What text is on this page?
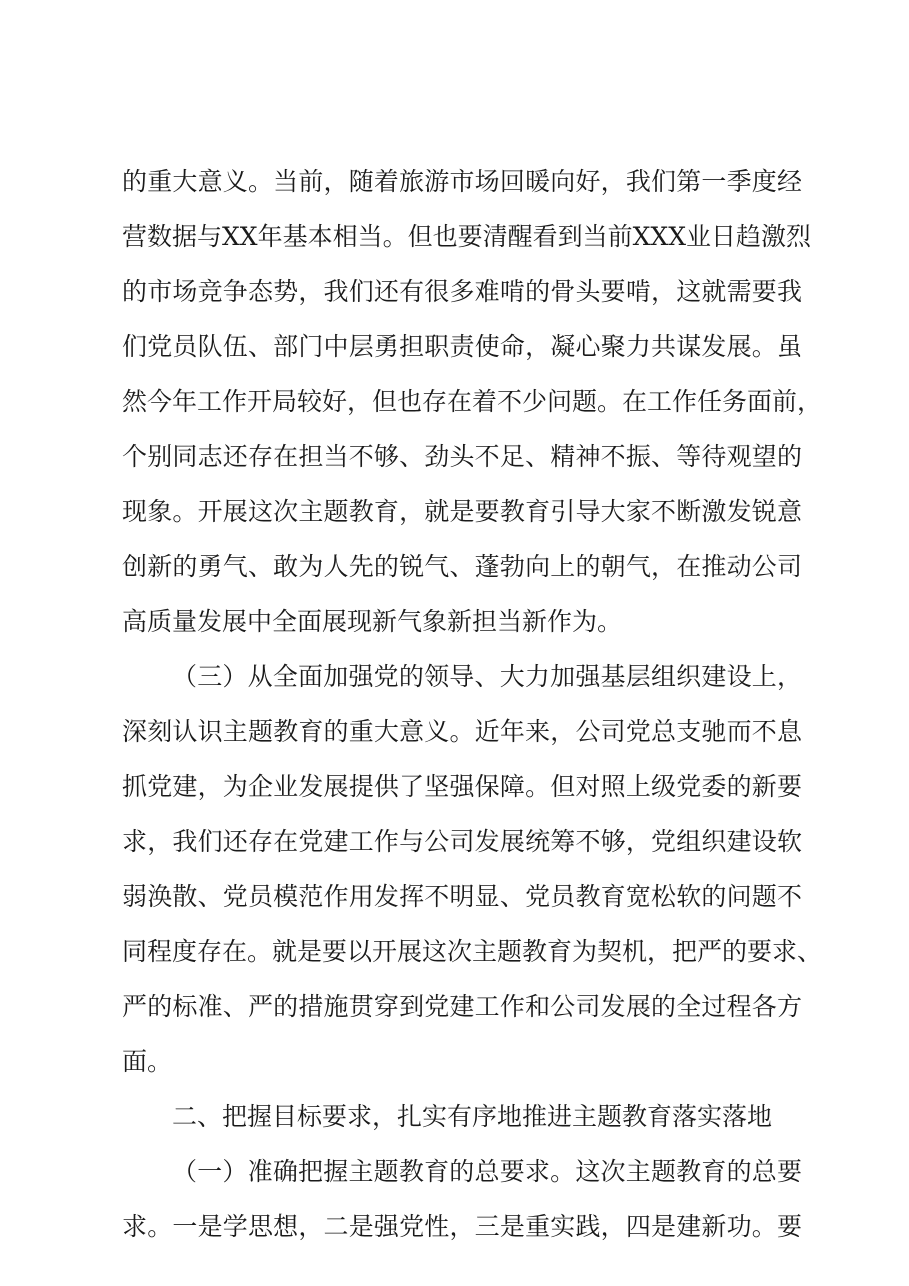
的重大意义。当前，随着旅游市场回暖向好，我们第一季度经
营数据与XX年基本相当。但也要清醒看到当前XXX业日趋激烈
的市场竞争态势，我们还有很多难啃的骨头要啃，这就需要我
们党员队伍、部门中层勇担职责使命，凝心聚力共谋发展。虽
然今年工作开局较好，但也存在着不少问题。在工作任务面前，
个别同志还存在担当不够、劲头不足、精神不振、等待观望的
现象。开展这次主题教育，就是要教育引导大家不断激发锐意
创新的勇气、敢为人先的锐气、蓬勃向上的朝气，在推动公司
高质量发展中全面展现新气象新担当新作为。
（三）从全面加强党的领导、大力加强基层组织建设上，
深刻认识主题教育的重大意义。近年来，公司党总支驰而不息
抓党建，为企业发展提供了坚强保障。但对照上级党委的新要
求，我们还存在党建工作与公司发展统筹不够，党组织建设软
弱涣散、党员模范作用发挥不明显、党员教育宽松软的问题不
同程度存在。就是要以开展这次主题教育为契机，把严的要求、
严的标准、严的措施贯穿到党建工作和公司发展的全过程各方
面。
二、把握目标要求，扎实有序地推进主题教育落实落地
（一）准确把握主题教育的总要求。这次主题教育的总要
求。一是学思想，二是强党性，三是重实践，四是建新功。要
